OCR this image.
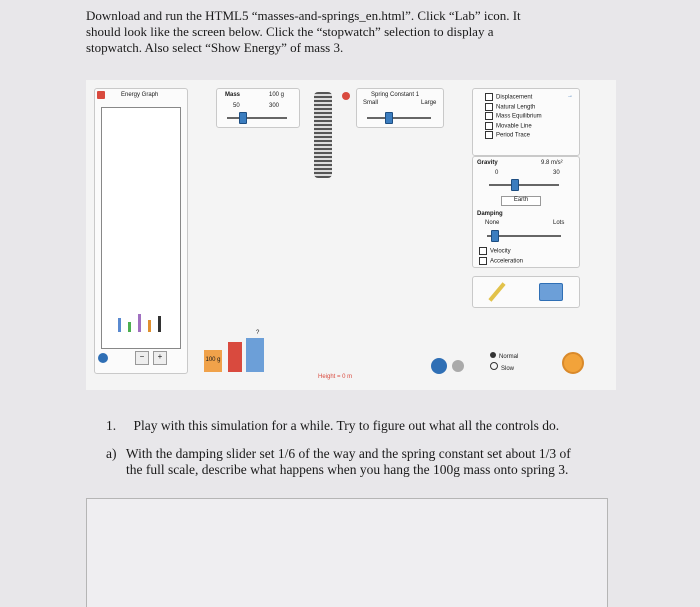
Download and run the HTML5 “masses-and-springs_en.html”. Click “Lab” icon. It
should look like the screen below. Click the “stopwatch” selection to display a
stopwatch. Also select “Show Energy” of mass 3.
Energy Graph
−	+
Mass	100 g
50	300
Spring Constant 1
Small	Large
Displacement
Natural Length
Mass Equilibrium
Movable Line
Period Trace
→
Gravity	9.8 m/s²
0	30
Earth
Damping
None	Lots
Velocity
Acceleration
100 g
?
Height = 0 m
Normal
Slow
1. Play with this simulation for a while. Try to figure out what all the controls do.
a) With the damping slider set 1/6 of the way and the spring constant set about 1/3 of
the full scale, describe what happens when you hang the 100g mass onto spring 3.
